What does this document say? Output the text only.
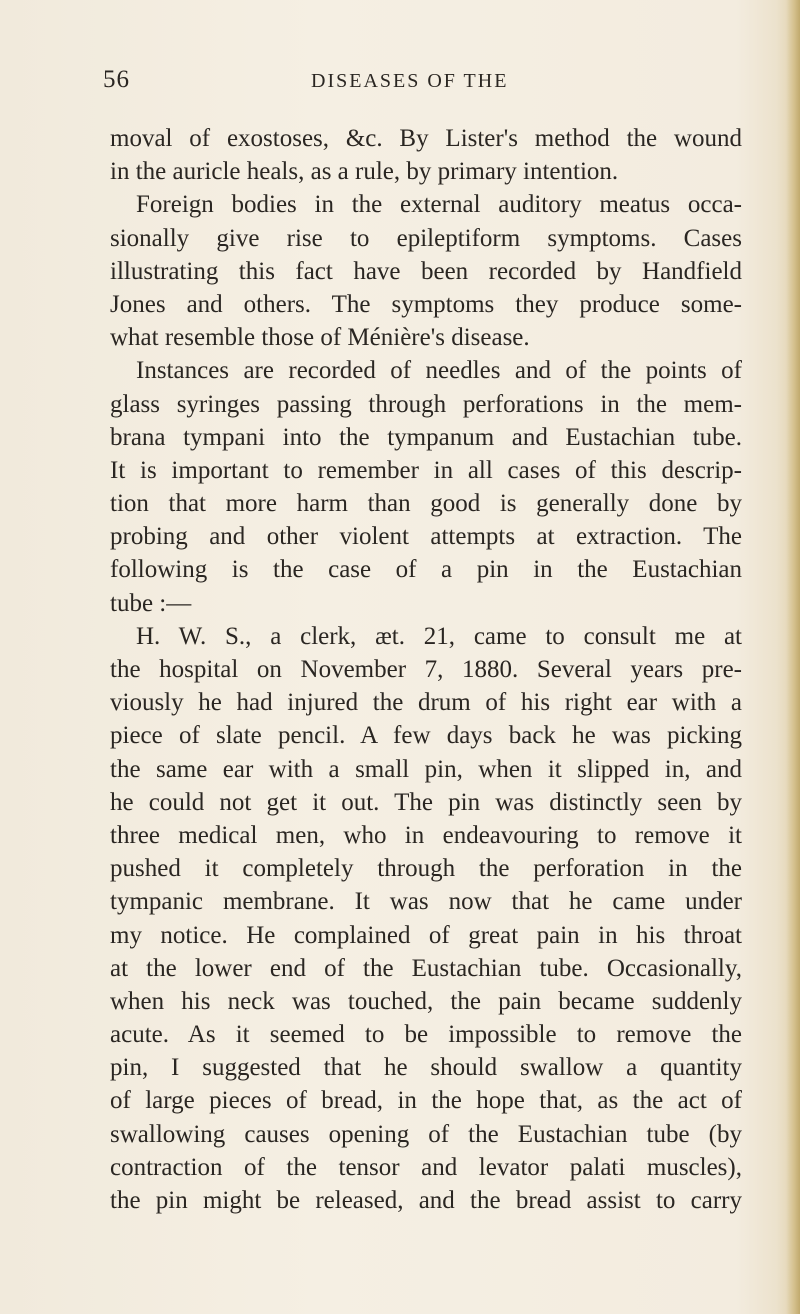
56	DISEASES OF THE
moval of exostoses, &c. By Lister's method the wound
in the auricle heals, as a rule, by primary intention.
Foreign bodies in the external auditory meatus occa-
sionally give rise to epileptiform symptoms. Cases
illustrating this fact have been recorded by Handfield
Jones and others. The symptoms they produce some-
what resemble those of Ménière's disease.
Instances are recorded of needles and of the points of
glass syringes passing through perforations in the mem-
brana tympani into the tympanum and Eustachian tube.
It is important to remember in all cases of this descrip-
tion that more harm than good is generally done by
probing and other violent attempts at extraction. The
following is the case of a pin in the Eustachian
tube :—
H. W. S., a clerk, æt. 21, came to consult me at
the hospital on November 7, 1880. Several years pre-
viously he had injured the drum of his right ear with a
piece of slate pencil. A few days back he was picking
the same ear with a small pin, when it slipped in, and
he could not get it out. The pin was distinctly seen by
three medical men, who in endeavouring to remove it
pushed it completely through the perforation in the
tympanic membrane. It was now that he came under
my notice. He complained of great pain in his throat
at the lower end of the Eustachian tube. Occasionally,
when his neck was touched, the pain became suddenly
acute. As it seemed to be impossible to remove the
pin, I suggested that he should swallow a quantity
of large pieces of bread, in the hope that, as the act of
swallowing causes opening of the Eustachian tube (by
contraction of the tensor and levator palati muscles),
the pin might be released, and the bread assist to carry
